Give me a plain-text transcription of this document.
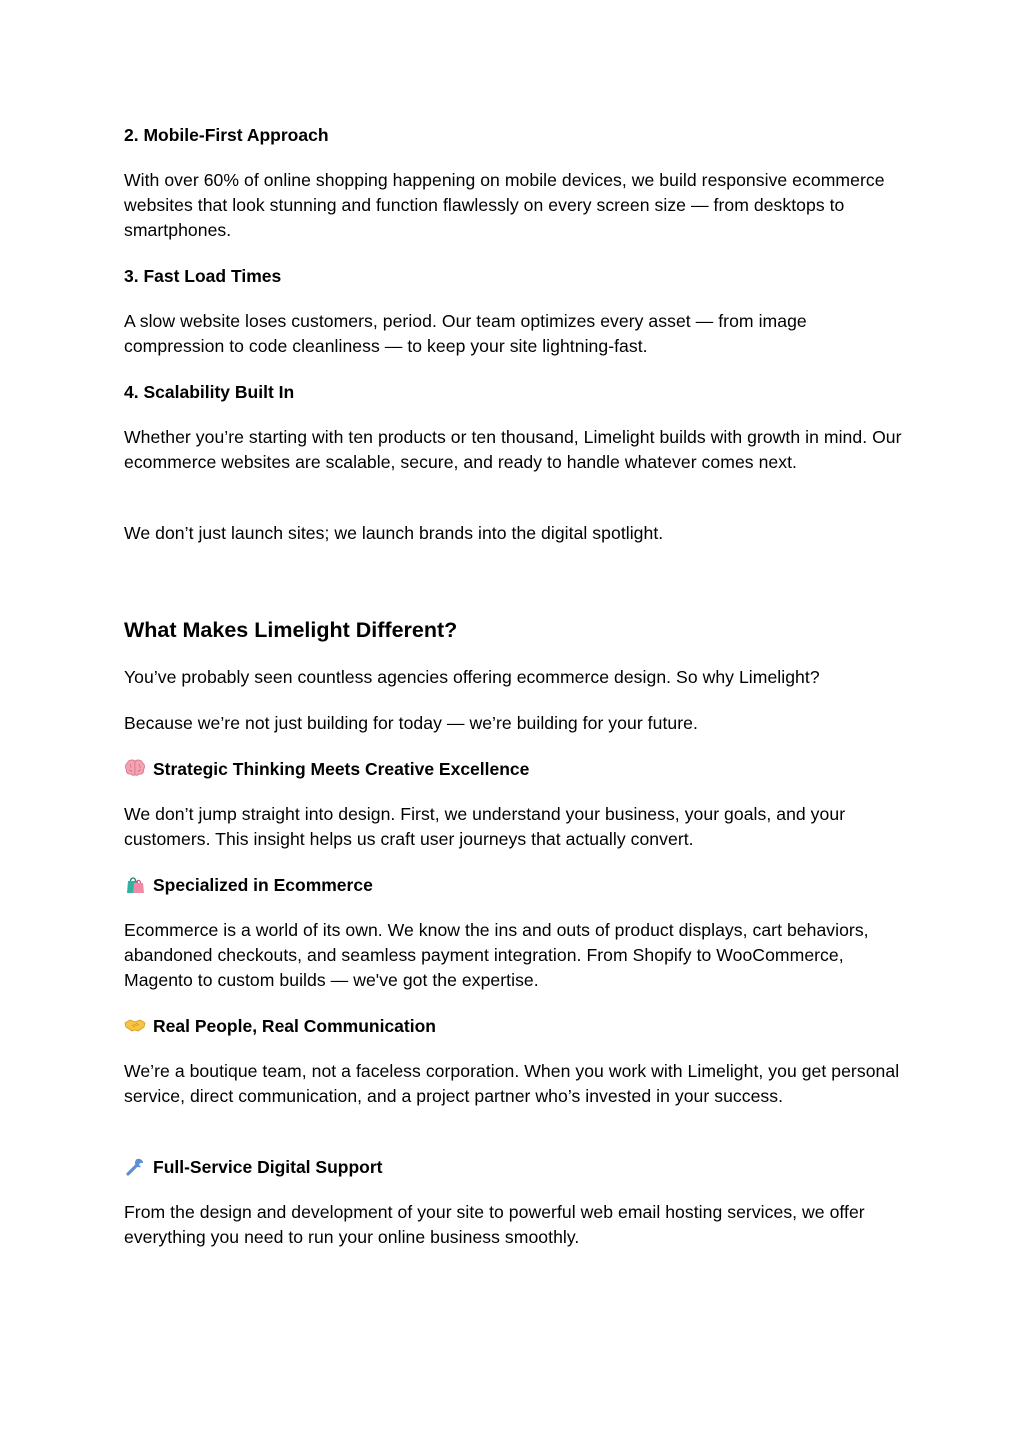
2. Mobile-First Approach

With over 60% of online shopping happening on mobile devices, we build responsive ecommerce websites that look stunning and function flawlessly on every screen size — from desktops to smartphones.

3. Fast Load Times

A slow website loses customers, period. Our team optimizes every asset — from image compression to code cleanliness — to keep your site lightning-fast.

4. Scalability Built In

Whether you’re starting with ten products or ten thousand, Limelight builds with growth in mind. Our ecommerce websites are scalable, secure, and ready to handle whatever comes next.

We don’t just launch sites; we launch brands into the digital spotlight.

What Makes Limelight Different?

You’ve probably seen countless agencies offering ecommerce design. So why Limelight?

Because we’re not just building for today — we’re building for your future.

Strategic Thinking Meets Creative Excellence

We don’t jump straight into design. First, we understand your business, your goals, and your customers. This insight helps us craft user journeys that actually convert.

Specialized in Ecommerce

Ecommerce is a world of its own. We know the ins and outs of product displays, cart behaviors, abandoned checkouts, and seamless payment integration. From Shopify to WooCommerce, Magento to custom builds — we've got the expertise.

Real People, Real Communication

We’re a boutique team, not a faceless corporation. When you work with Limelight, you get personal service, direct communication, and a project partner who’s invested in your success.

Full-Service Digital Support

From the design and development of your site to powerful web email hosting services, we offer everything you need to run your online business smoothly.
